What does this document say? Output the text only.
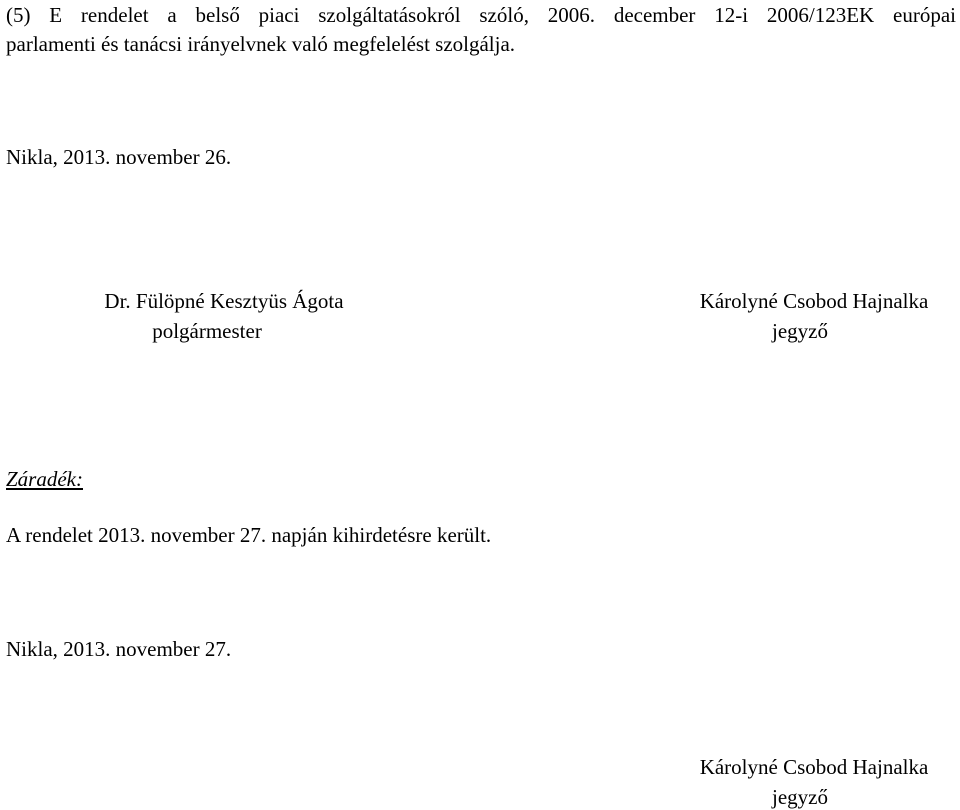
(5) E rendelet a belső piaci szolgáltatásokról szóló, 2006. december 12-i 2006/123EK európai
parlamenti és tanácsi irányelvnek való megfelelést szolgálja.
Nikla, 2013. november 26.
Dr. Fülöpné Kesztyüs Ágota
polgármester
Károlyné Csobod Hajnalka
jegyző
Záradék:
A rendelet 2013. november 27. napján kihirdetésre került.
Nikla, 2013. november 27.
Károlyné Csobod Hajnalka
jegyző
